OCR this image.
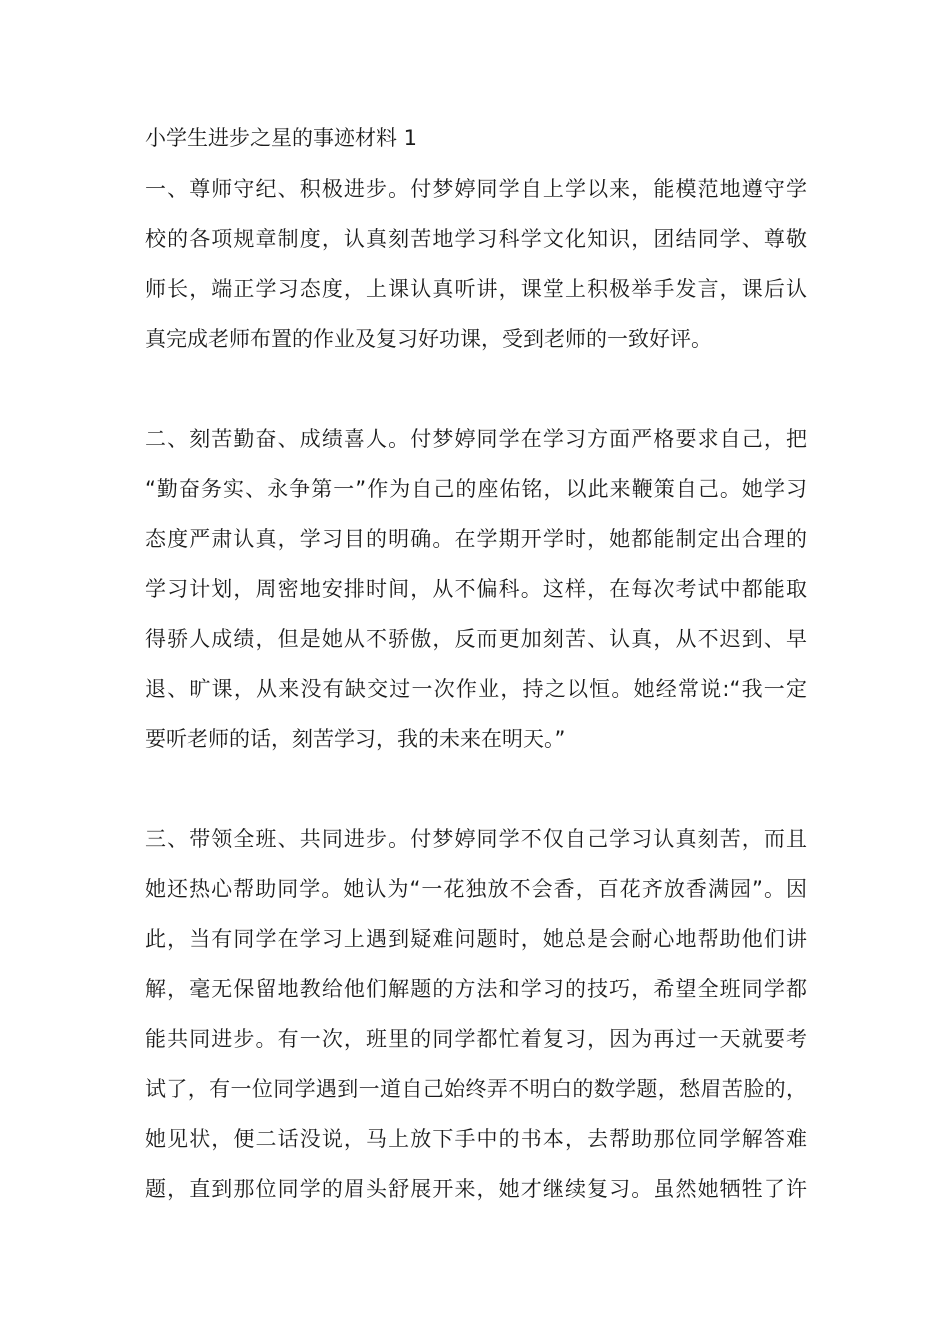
小学生进步之星的事迹材料 1
一、尊师守纪、积极进步。付梦婷同学自上学以来，能模范地遵守学
校的各项规章制度，认真刻苦地学习科学文化知识，团结同学、尊敬
师长，端正学习态度，上课认真听讲，课堂上积极举手发言，课后认
真完成老师布置的作业及复习好功课，受到老师的一致好评。
二、刻苦勤奋、成绩喜人。付梦婷同学在学习方面严格要求自己，把
“勤奋务实、永争第一”作为自己的座佑铭，以此来鞭策自己。她学习
态度严肃认真，学习目的明确。在学期开学时，她都能制定出合理的
学习计划，周密地安排时间，从不偏科。这样，在每次考试中都能取
得骄人成绩，但是她从不骄傲，反而更加刻苦、认真，从不迟到、早
退、旷课，从来没有缺交过一次作业，持之以恒。她经常说:“我一定
要听老师的话，刻苦学习，我的未来在明天。”
三、带领全班、共同进步。付梦婷同学不仅自己学习认真刻苦，而且
她还热心帮助同学。她认为“一花独放不会香，百花齐放香满园”。因
此，当有同学在学习上遇到疑难问题时，她总是会耐心地帮助他们讲
解，毫无保留地教给他们解题的方法和学习的技巧，希望全班同学都
能共同进步。有一次，班里的同学都忙着复习，因为再过一天就要考
试了，有一位同学遇到一道自己始终弄不明白的数学题，愁眉苦脸的，
她见状，便二话没说，马上放下手中的书本，去帮助那位同学解答难
题，直到那位同学的眉头舒展开来，她才继续复习。虽然她牺牲了许
